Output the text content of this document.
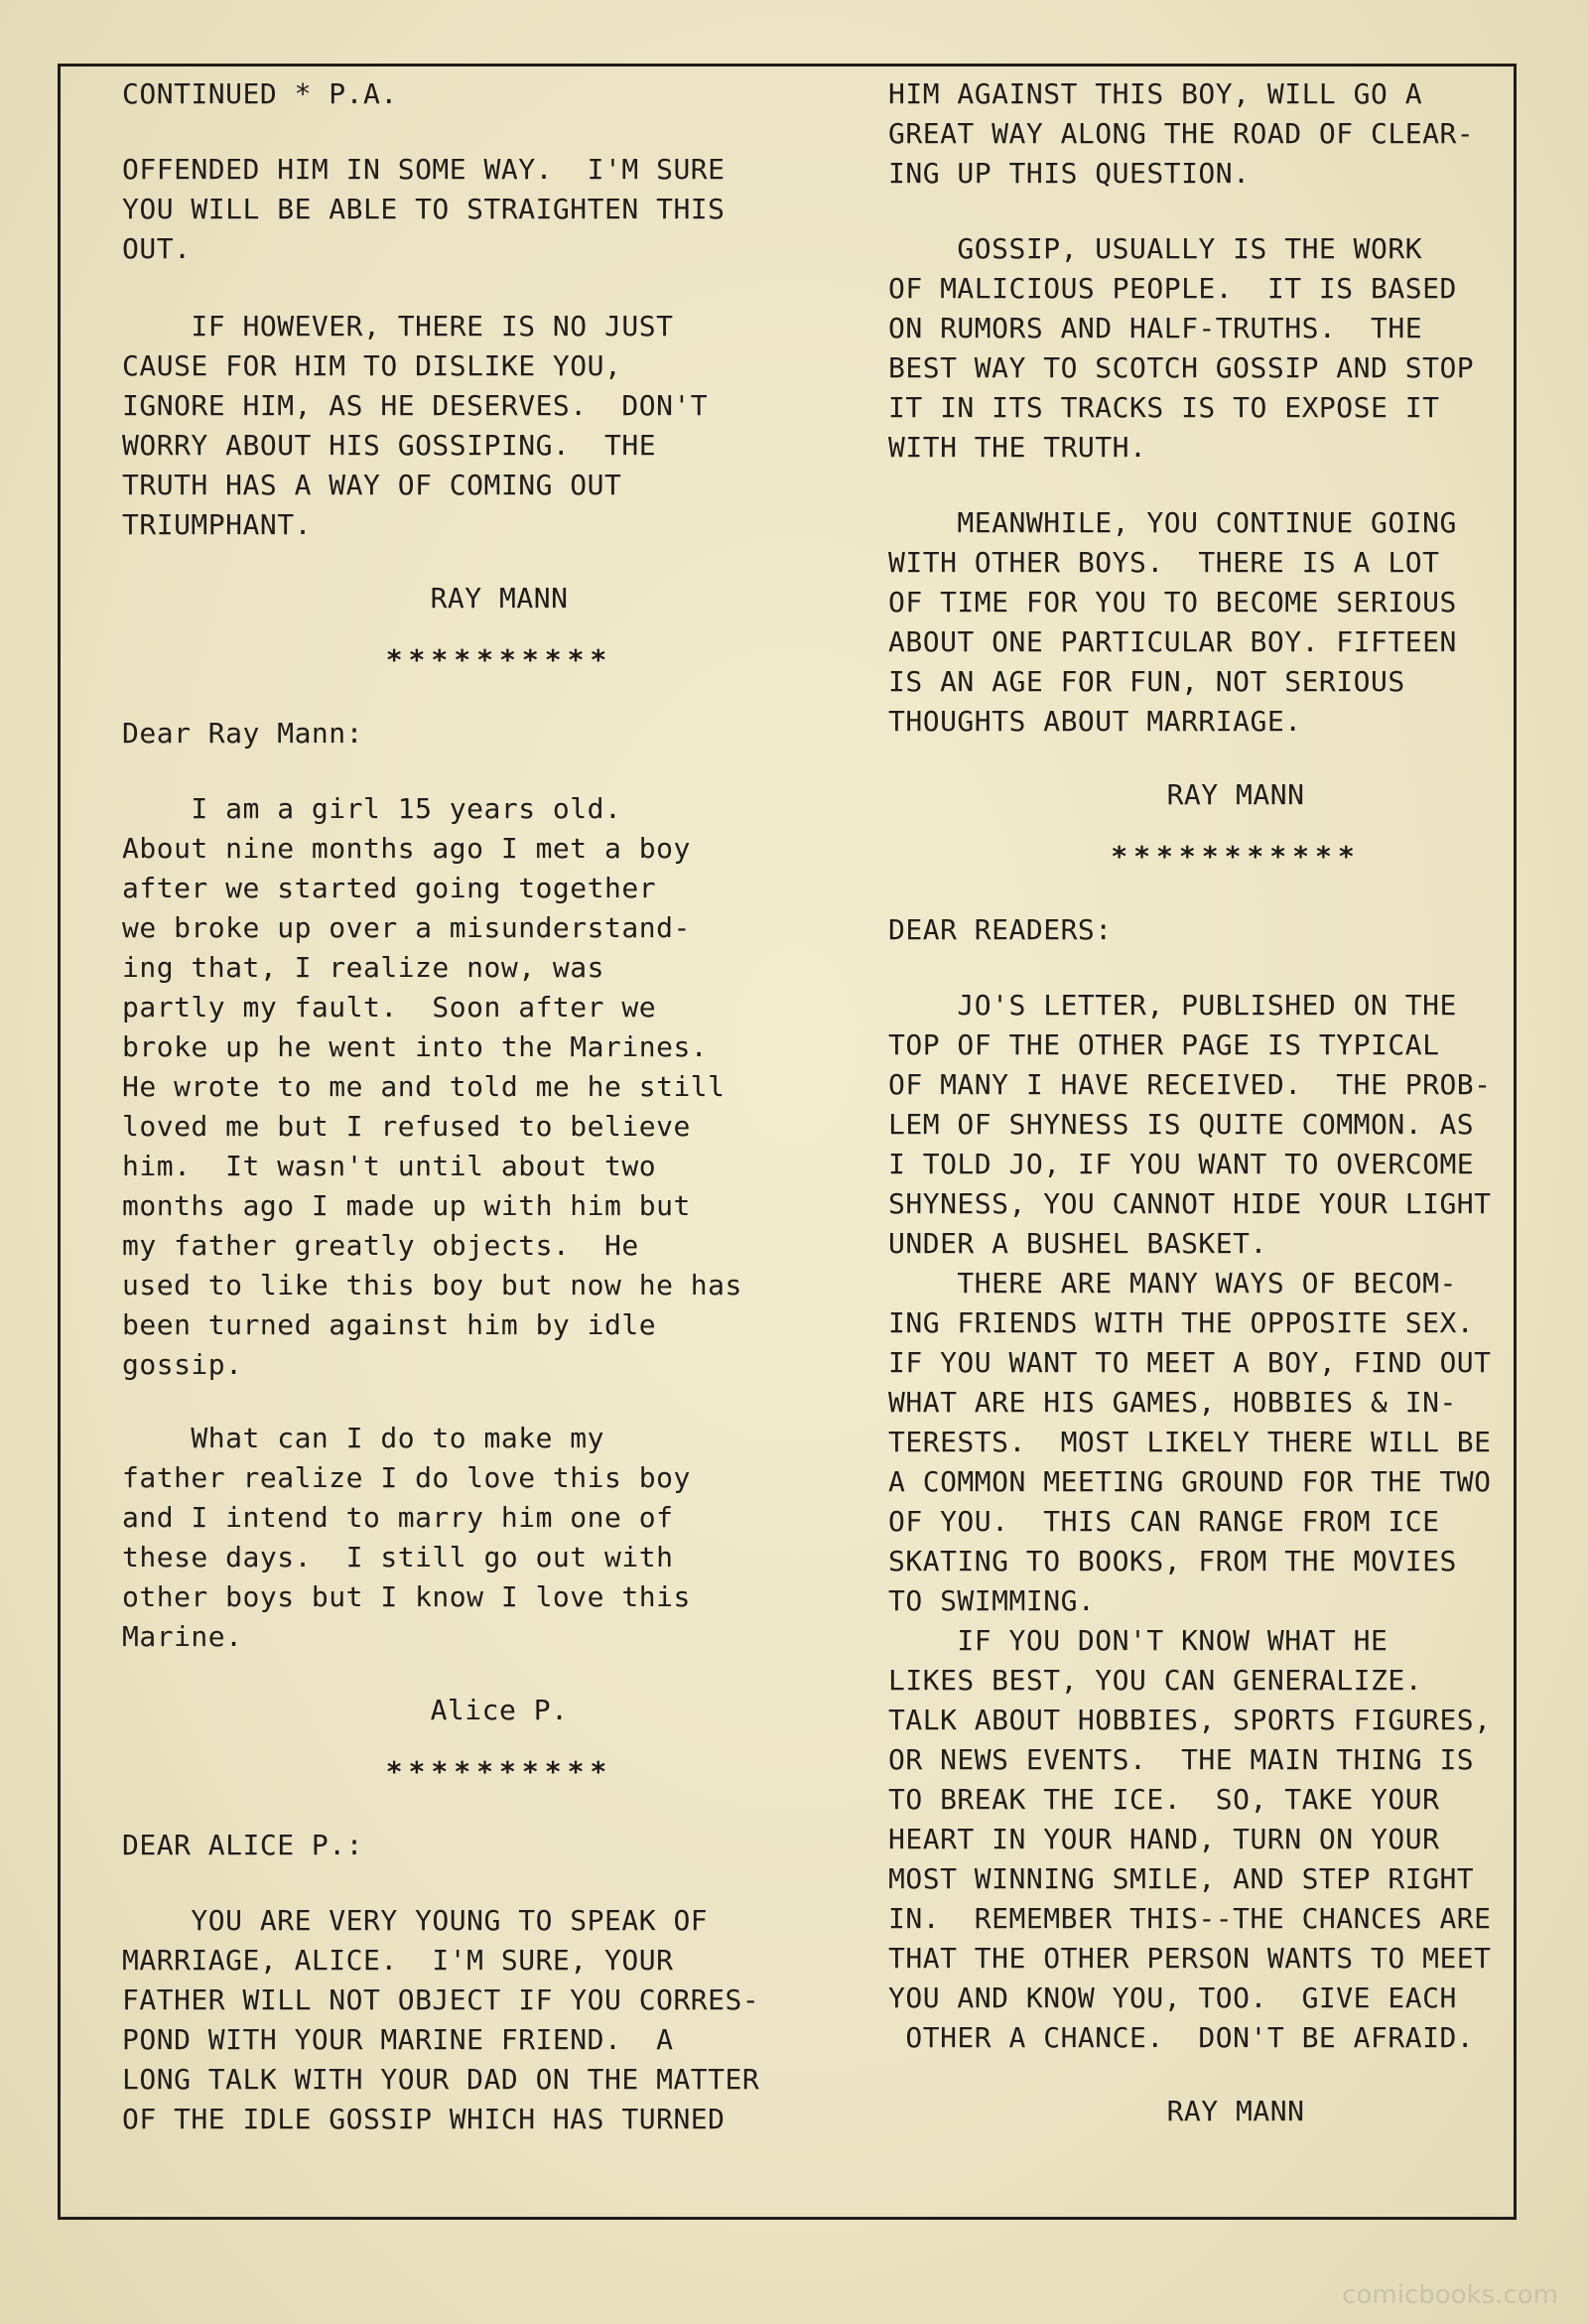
CONTINUED * P.A.
OFFENDED HIM IN SOME WAY.  I'M SURE
YOU WILL BE ABLE TO STRAIGHTEN THIS
OUT.
IF HOWEVER, THERE IS NO JUST
CAUSE FOR HIM TO DISLIKE YOU,
IGNORE HIM, AS HE DESERVES.  DON'T
WORRY ABOUT HIS GOSSIPING.  THE
TRUTH HAS A WAY OF COMING OUT
TRIUMPHANT.
RAY MANN
**********
Dear Ray Mann:
I am a girl 15 years old.
About nine months ago I met a boy
after we started going together
we broke up over a misunderstand-
ing that, I realize now, was
partly my fault.  Soon after we
broke up he went into the Marines.
He wrote to me and told me he still
loved me but I refused to believe
him.  It wasn't until about two
months ago I made up with him but
my father greatly objects.  He
used to like this boy but now he has
been turned against him by idle
gossip.
What can I do to make my
father realize I do love this boy
and I intend to marry him one of
these days.  I still go out with
other boys but I know I love this
Marine.
Alice P.
**********
DEAR ALICE P.:
YOU ARE VERY YOUNG TO SPEAK OF
MARRIAGE, ALICE.  I'M SURE, YOUR
FATHER WILL NOT OBJECT IF YOU CORRES-
POND WITH YOUR MARINE FRIEND.  A
LONG TALK WITH YOUR DAD ON THE MATTER
OF THE IDLE GOSSIP WHICH HAS TURNED
HIM AGAINST THIS BOY, WILL GO A
GREAT WAY ALONG THE ROAD OF CLEAR-
ING UP THIS QUESTION.
GOSSIP, USUALLY IS THE WORK
OF MALICIOUS PEOPLE.  IT IS BASED
ON RUMORS AND HALF-TRUTHS.  THE
BEST WAY TO SCOTCH GOSSIP AND STOP
IT IN ITS TRACKS IS TO EXPOSE IT
WITH THE TRUTH.
MEANWHILE, YOU CONTINUE GOING
WITH OTHER BOYS.  THERE IS A LOT
OF TIME FOR YOU TO BECOME SERIOUS
ABOUT ONE PARTICULAR BOY. FIFTEEN
IS AN AGE FOR FUN, NOT SERIOUS
THOUGHTS ABOUT MARRIAGE.
RAY MANN
***********
DEAR READERS:
JO'S LETTER, PUBLISHED ON THE
TOP OF THE OTHER PAGE IS TYPICAL
OF MANY I HAVE RECEIVED.  THE PROB-
LEM OF SHYNESS IS QUITE COMMON. AS
I TOLD JO, IF YOU WANT TO OVERCOME
SHYNESS, YOU CANNOT HIDE YOUR LIGHT
UNDER A BUSHEL BASKET.
THERE ARE MANY WAYS OF BECOM-
ING FRIENDS WITH THE OPPOSITE SEX.
IF YOU WANT TO MEET A BOY, FIND OUT
WHAT ARE HIS GAMES, HOBBIES & IN-
TERESTS.  MOST LIKELY THERE WILL BE
A COMMON MEETING GROUND FOR THE TWO
OF YOU.  THIS CAN RANGE FROM ICE
SKATING TO BOOKS, FROM THE MOVIES
TO SWIMMING.
IF YOU DON'T KNOW WHAT HE
LIKES BEST, YOU CAN GENERALIZE.
TALK ABOUT HOBBIES, SPORTS FIGURES,
OR NEWS EVENTS.  THE MAIN THING IS
TO BREAK THE ICE.  SO, TAKE YOUR
HEART IN YOUR HAND, TURN ON YOUR
MOST WINNING SMILE, AND STEP RIGHT
IN.  REMEMBER THIS--THE CHANCES ARE
THAT THE OTHER PERSON WANTS TO MEET
YOU AND KNOW YOU, TOO.  GIVE EACH
OTHER A CHANCE.  DON'T BE AFRAID.
RAY MANN
comicbooks.com
